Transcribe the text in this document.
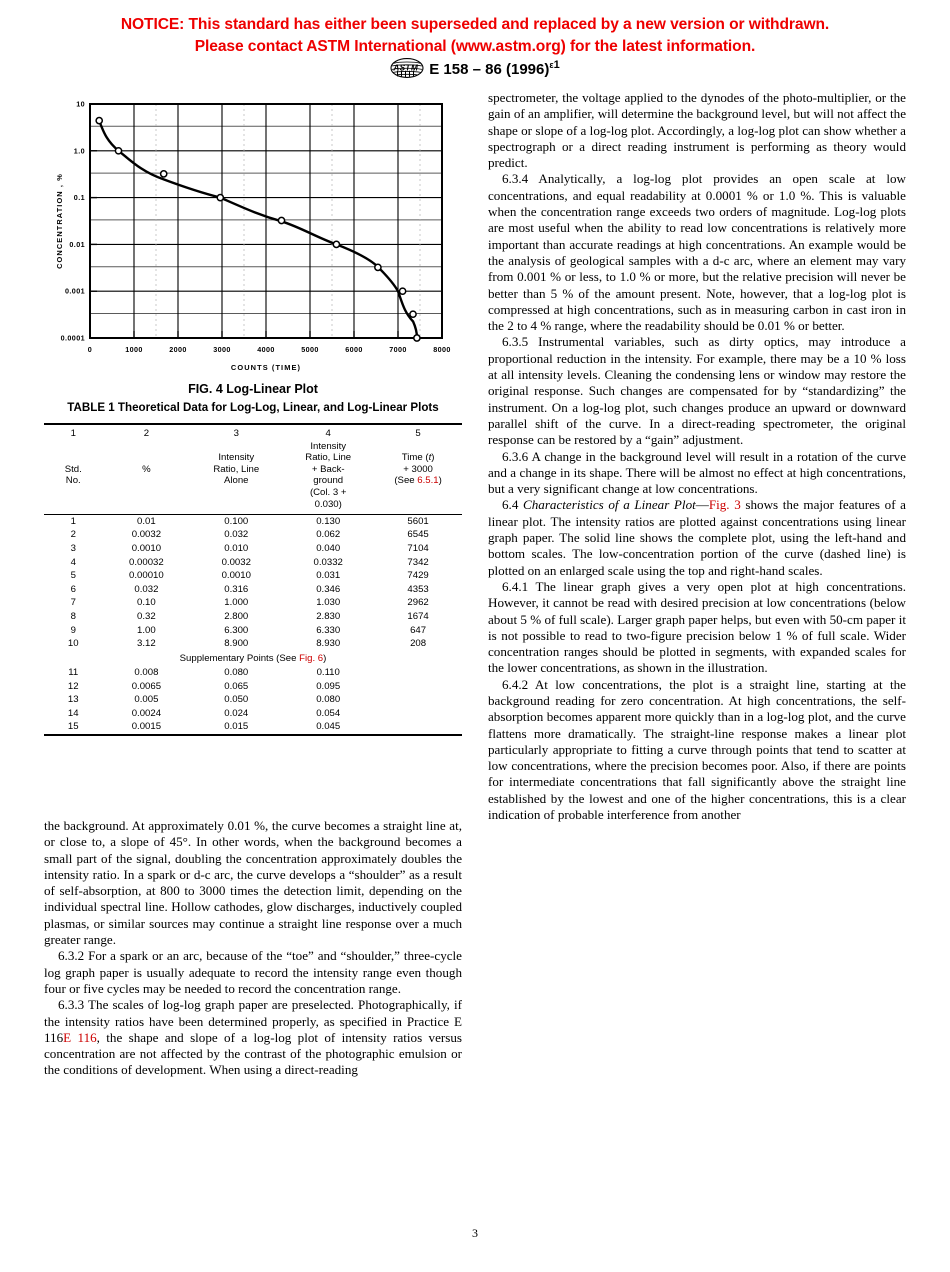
NOTICE: This standard has either been superseded and replaced by a new version or withdrawn.
Please contact ASTM International (www.astm.org) for the latest information.
A S T M E 158 – 86 $(1996)^{\varepsilon 1}$
10
1.0
0.1
0.01
0.001
0.0001
0	1000	2000	3000	4000	5000	6000	7000	8000
COUNTS (TIME)
CONCENTRATION , %
FIG. 4 Log-Linear Plot
TABLE 1 Theoretical Data for Log-Log, Linear, and Log-Linear Plots

1	2	3	4	5

Std.
No.

%

Intensity
Ratio, Line
Alone

Intensity
Ratio, Line
+ Back-
ground
(Col. 3 +
0.030)

Time (t)
+ 3000
(See 6.5.1)

1	0.01	0.100	0.130	5601
2	0.0032	0.032	0.062	6545
3	0.0010	0.010	0.040	7104
4	0.00032	0.0032	0.0332	7342
5	0.00010	0.0010	0.031	7429
6	0.032	0.316	0.346	4353
7	0.10	1.000	1.030	2962
8	0.32	2.800	2.830	1674
9	1.00	6.300	6.330	647
10	3.12	8.900	8.930	208
Supplementary Points (See Fig. 6)				
11	0.008	0.080	0.110	
12	0.0065	0.065	0.095	
13	0.005	0.050	0.080	
14	0.0024	0.024	0.054	
15	0.0015	0.015	0.045	

the background. At approximately 0.01 %, the curve becomes a straight line at, or close to, a slope of 45°. In other words, when the background becomes a small part of the signal, doubling the concentration approximately doubles the intensity ratio. In a spark or d-c arc, the curve develops a “shoulder” as a result of self-absorption, at 800 to 3000 times the detection limit, depending on the individual spectral line. Hollow cathodes, glow discharges, inductively coupled plasmas, or similar sources may continue a straight line response over a much greater range.

6.3.2 For a spark or an arc, because of the “toe” and “shoulder,” three-cycle log graph paper is usually adequate to record the intensity range even though four or five cycles may be needed to record the concentration range.

6.3.3 The scales of log-log graph paper are preselected. Photographically, if the intensity ratios have been determined properly, as specified in Practice E 116E 116, the shape and slope of a log-log plot of intensity ratios versus concentration are not affected by the contrast of the photographic emulsion or the conditions of development. When using a direct-reading

spectrometer, the voltage applied to the dynodes of the photo-multiplier, or the gain of an amplifier, will determine the background level, but will not affect the shape or slope of a log-log plot. Accordingly, a log-log plot can show whether a spectrograph or a direct reading instrument is performing as theory would predict.

6.3.4 Analytically, a log-log plot provides an open scale at low concentrations, and equal readability at 0.0001 % or 1.0 %. This is valuable when the concentration range exceeds two orders of magnitude. Log-log plots are most useful when the ability to read low concentrations is relatively more important than accurate readings at high concentrations. An example would be the analysis of geological samples with a d-c arc, where an element may vary from 0.001 % or less, to 1.0 % or more, but the relative precision will never be better than 5 % of the amount present. Note, however, that a log-log plot is compressed at high concentrations, such as in measuring carbon in cast iron in the 2 to 4 % range, where the readability should be 0.01 % or better.

6.3.5 Instrumental variables, such as dirty optics, may introduce a proportional reduction in the intensity. For example, there may be a 10 % loss at all intensity levels. Cleaning the condensing lens or window may restore the original response. Such changes are compensated for by “standardizing” the instrument. On a log-log plot, such changes produce an upward or downward parallel shift of the curve. In a direct-reading spectrometer, the original response can be restored by a “gain” adjustment.

6.3.6 A change in the background level will result in a rotation of the curve and a change in its shape. There will be almost no effect at high concentrations, but a very significant change at low concentrations.

6.4 Characteristics of a Linear Plot—Fig. 3 shows the major features of a linear plot. The intensity ratios are plotted against concentrations using linear graph paper. The solid line shows the complete plot, using the left-hand and bottom scales. The low-concentration portion of the curve (dashed line) is plotted on an enlarged scale using the top and right-hand scales.

6.4.1 The linear graph gives a very open plot at high concentrations. However, it cannot be read with desired precision at low concentrations (below about 5 % of full scale). Larger graph paper helps, but even with 50-cm paper it is not possible to read to two-figure precision below 1 % of full scale. Wider concentration ranges should be plotted in segments, with expanded scales for the lower concentrations, as shown in the illustration.

6.4.2 At low concentrations, the plot is a straight line, starting at the background reading for zero concentration. At high concentrations, the self-absorption becomes apparent more quickly than in a log-log plot, and the curve flattens more dramatically. The straight-line response makes a linear plot particularly appropriate to fitting a curve through points that tend to scatter at low concentrations, where the precision becomes poor. Also, if there are points for intermediate concentrations that fall significantly above the straight line established by the lowest and one of the higher concentrations, this is a clear indication of probable interference from another

3
